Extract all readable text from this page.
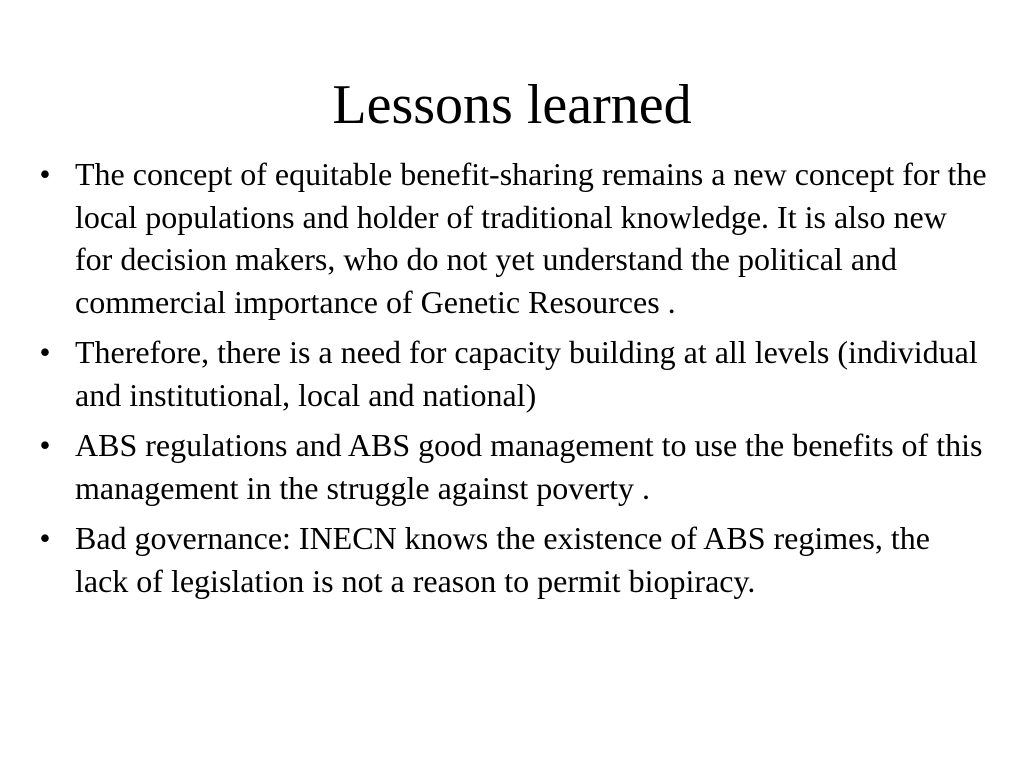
Lessons learned
• The concept of equitable benefit-sharing remains a new concept for the local populations and holder of traditional knowledge. It is also new for decision makers, who do not yet understand the political and commercial importance of Genetic Resources .
• Therefore, there is a need for capacity building at all levels (individual and institutional, local and national)
• ABS regulations and ABS good management to use the benefits of this management in the struggle against poverty .
• Bad governance: INECN knows the existence of ABS regimes, the lack of legislation is not a reason to permit biopiracy.
